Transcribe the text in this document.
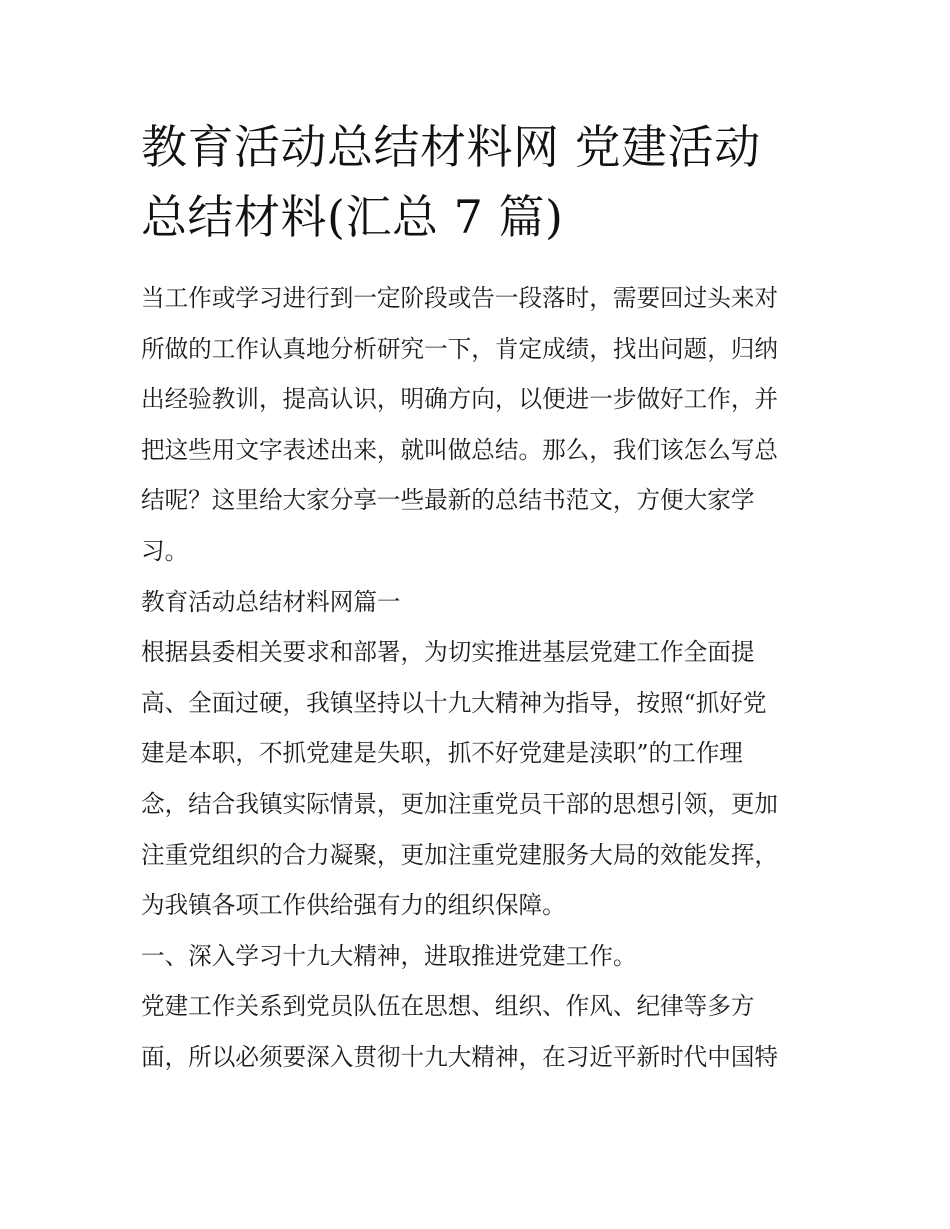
教育活动总结材料网 党建活动
总结材料(汇总 7 篇)

当工作或学习进行到一定阶段或告一段落时，需要回过头来对
所做的工作认真地分析研究一下，肯定成绩，找出问题，归纳
出经验教训，提高认识，明确方向，以便进一步做好工作，并
把这些用文字表述出来，就叫做总结。那么，我们该怎么写总
结呢？这里给大家分享一些最新的总结书范文，方便大家学
习。

教育活动总结材料网篇一

根据县委相关要求和部署，为切实推进基层党建工作全面提
高、全面过硬，我镇坚持以十九大精神为指导，按照“抓好党
建是本职，不抓党建是失职，抓不好党建是渎职”的工作理
念，结合我镇实际情景，更加注重党员干部的思想引领，更加
注重党组织的合力凝聚，更加注重党建服务大局的效能发挥，
为我镇各项工作供给强有力的组织保障。

一、深入学习十九大精神，进取推进党建工作。

党建工作关系到党员队伍在思想、组织、作风、纪律等多方
面，所以必须要深入贯彻十九大精神，在习近平新时代中国特
